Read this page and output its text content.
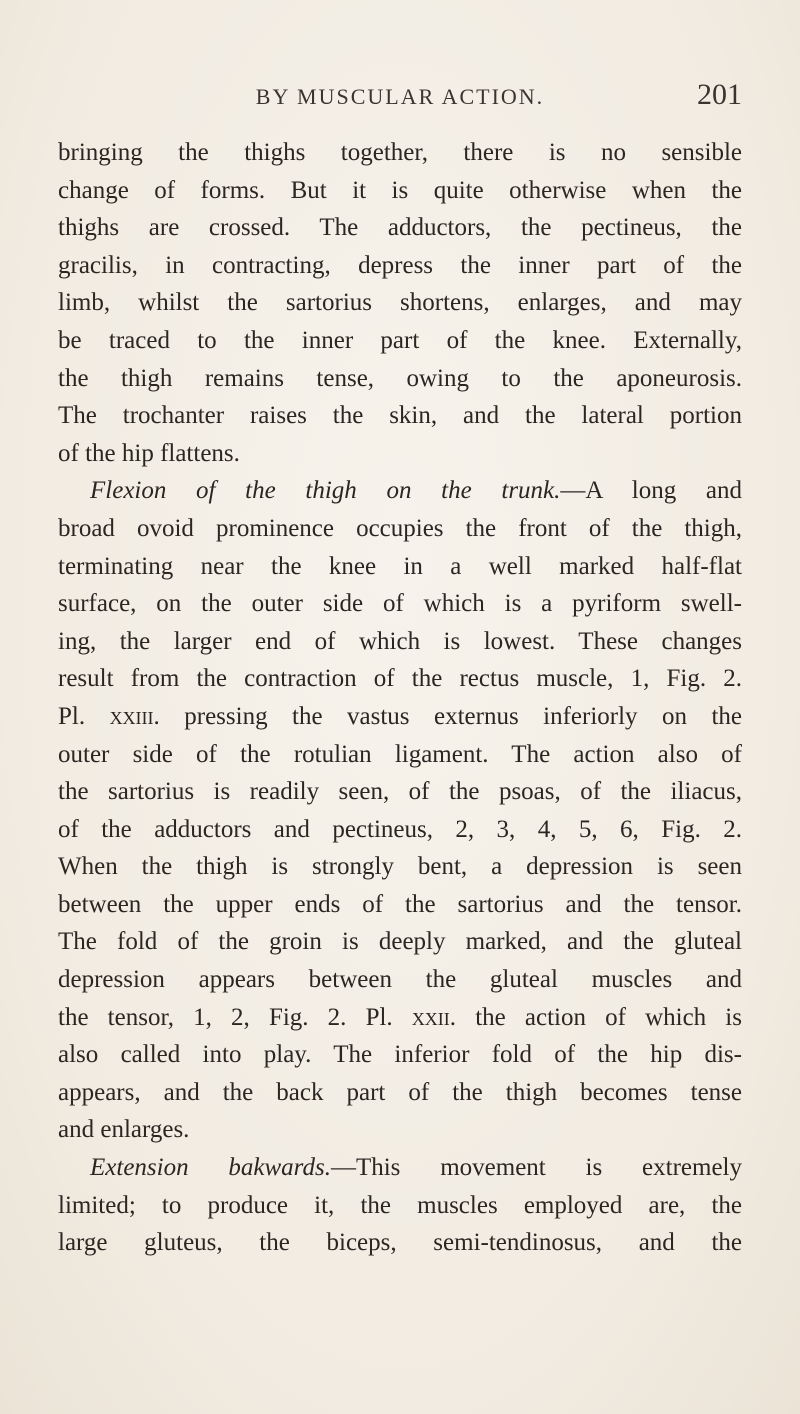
BY MUSCULAR ACTION.	201
bringing the thighs together, there is no sensible
change of forms. But it is quite otherwise when the
thighs are crossed. The adductors, the pectineus, the
gracilis, in contracting, depress the inner part of the
limb, whilst the sartorius shortens, enlarges, and may
be traced to the inner part of the knee. Externally,
the thigh remains tense, owing to the aponeurosis.
The trochanter raises the skin, and the lateral portion
of the hip flattens.
Flexion of the thigh on the trunk.—A long and
broad ovoid prominence occupies the front of the thigh,
terminating near the knee in a well marked half-flat
surface, on the outer side of which is a pyriform swell-
ing, the larger end of which is lowest. These changes
result from the contraction of the rectus muscle, 1, Fig. 2.
Pl. xxiii. pressing the vastus externus inferiorly on the
outer side of the rotulian ligament. The action also of
the sartorius is readily seen, of the psoas, of the iliacus,
of the adductors and pectineus, 2, 3, 4, 5, 6, Fig. 2.
When the thigh is strongly bent, a depression is seen
between the upper ends of the sartorius and the tensor.
The fold of the groin is deeply marked, and the gluteal
depression appears between the gluteal muscles and
the tensor, 1, 2, Fig. 2. Pl. xxii. the action of which is
also called into play. The inferior fold of the hip dis-
appears, and the back part of the thigh becomes tense
and enlarges.
Extension bakwards.—This movement is extremely
limited; to produce it, the muscles employed are, the
large gluteus, the biceps, semi-tendinosus, and the
